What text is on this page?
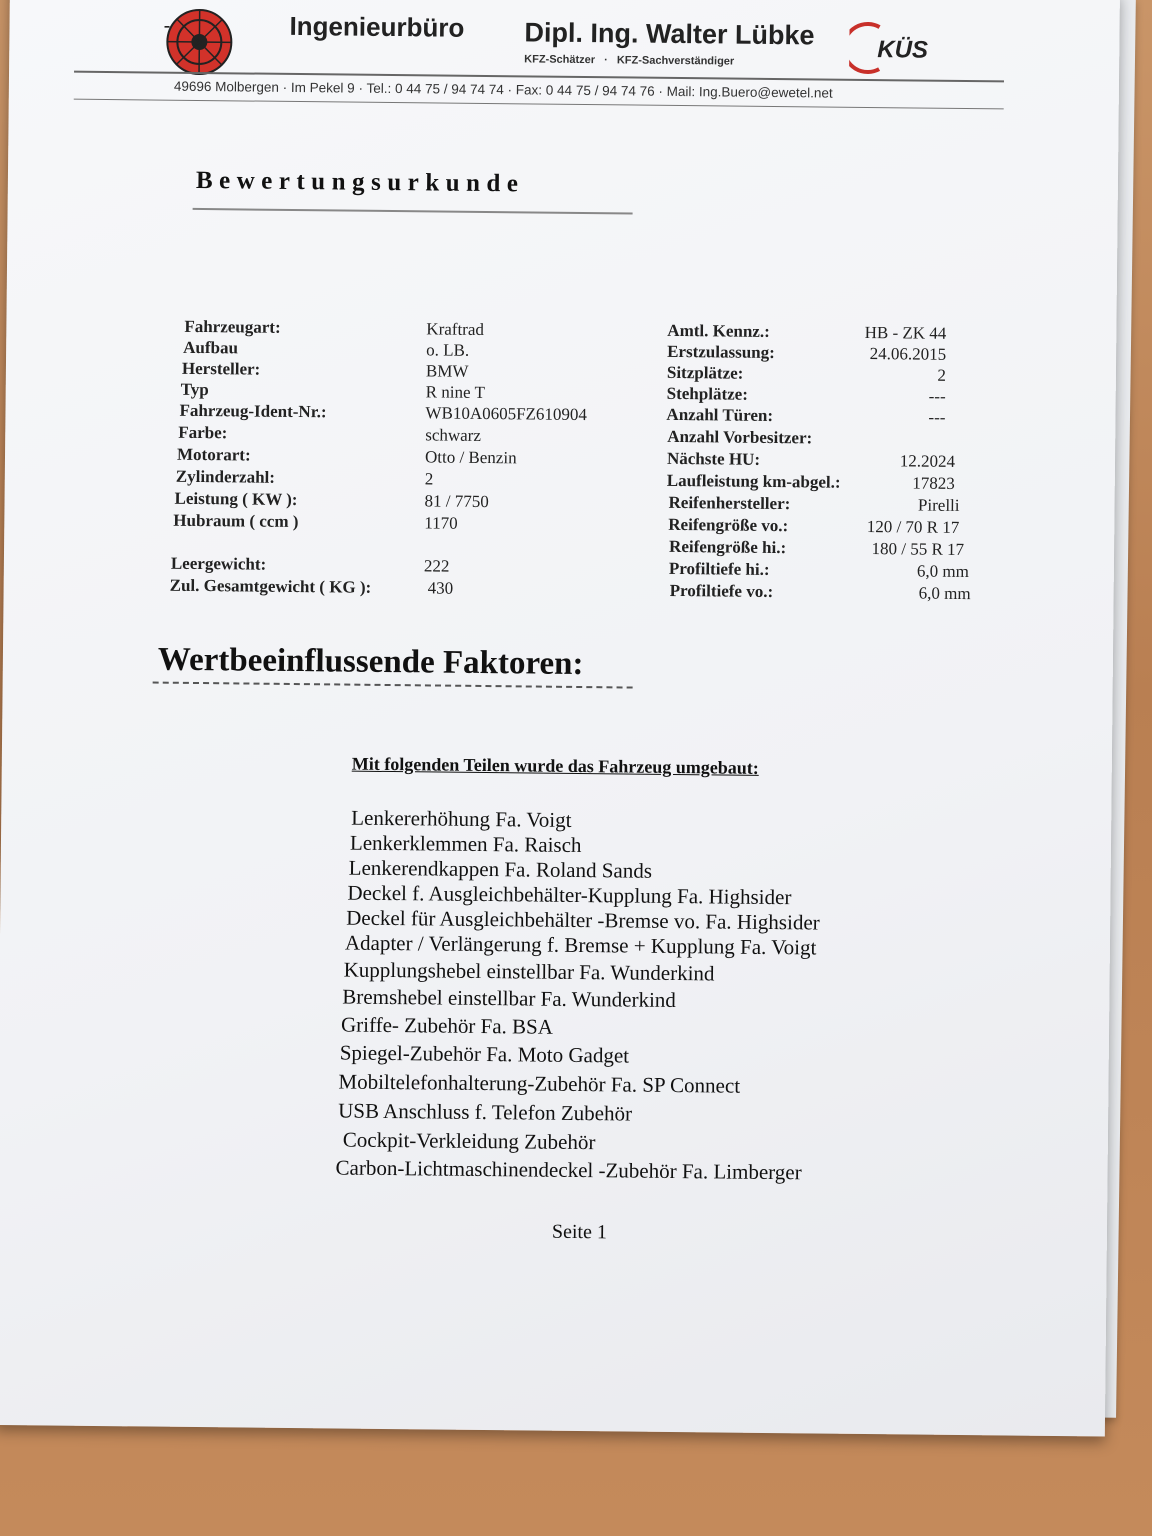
Ingenieurbüro Dipl. Ing. Walter Lübke
KFZ-Schätzer · KFZ-Sachverständiger	KÜS
49696 Molbergen · Im Pekel 9 · Tel.: 0 44 75 / 94 74 74 · Fax: 0 44 75 / 94 74 76 · Mail: Ing.Buero@ewetel.net
Bewertungsurkunde
Fahrzeugart:	Kraftrad
Aufbau	o. LB.
Hersteller:	BMW
Typ	R nine T
Fahrzeug-Ident-Nr.:	WB10A0605FZ610904
Farbe:	schwarz
Motorart:	Otto / Benzin
Zylinderzahl:	2
Leistung ( KW ):	81 / 7750
Hubraum ( ccm )	1170
Leergewicht:	222
Zul. Gesamtgewicht ( KG ):	430
Amtl. Kennz.:	HB - ZK 44
Erstzulassung:	24.06.2015
Sitzplätze:	2
Stehplätze:	---
Anzahl Türen:	---
Anzahl Vorbesitzer:
Nächste HU:	12.2024
Laufleistung km-abgel.:	17823
Reifenhersteller:	Pirelli
Reifengröße vo.:	120 / 70 R 17
Reifengröße hi.:	180 / 55 R 17
Profiltiefe hi.:	6,0 mm
Profiltiefe vo.:	6,0 mm
Wertbeeinflussende Faktoren:
Mit folgenden Teilen wurde das Fahrzeug umgebaut:
Lenkererhöhung Fa. Voigt
Lenkerklemmen Fa. Raisch
Lenkerendkappen Fa. Roland Sands
Deckel f. Ausgleichbehälter-Kupplung Fa. Highsider
Deckel für Ausgleichbehälter -Bremse vo. Fa. Highsider
Adapter / Verlängerung f. Bremse + Kupplung Fa. Voigt
Kupplungshebel einstellbar Fa. Wunderkind
Bremshebel einstellbar Fa. Wunderkind
Griffe- Zubehör Fa. BSA
Spiegel-Zubehör Fa. Moto Gadget
Mobiltelefonhalterung-Zubehör Fa. SP Connect
USB Anschluss f. Telefon Zubehör
Cockpit-Verkleidung Zubehör
Carbon-Lichtmaschinendeckel -Zubehör Fa. Limberger
Seite 1
